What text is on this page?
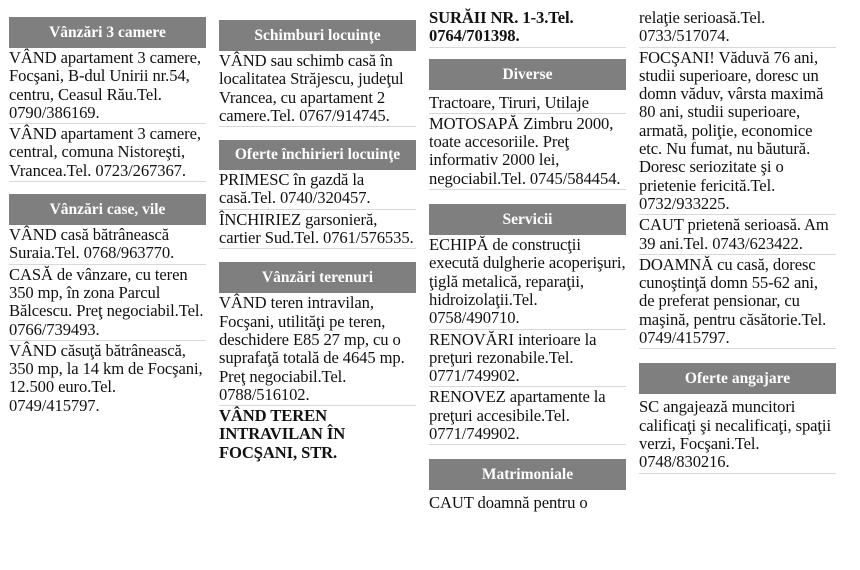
Vânzări 3 camere
VÂND apartament 3 camere, Focşani, B-dul Unirii nr.54, centru, Ceasul Rău.Tel. 0790/386169.
VÂND apartament 3 camere, central, comuna Nistoreşti, Vrancea.Tel. 0723/267367.
Vânzări case, vile
VÂND casă bătrânească Suraia.Tel. 0768/963770.
CASĂ de vânzare, cu teren 350 mp, în zona Parcul Bălcescu. Preţ negociabil.Tel. 0766/739493.
VÂND căsuţă bătrânească, 350 mp, la 14 km de Focşani, 12.500 euro.Tel. 0749/415797.
Schimburi locuinţe
VÂND sau schimb casă în localitatea Străjescu, judeţul Vrancea, cu apartament 2 camere.Tel. 0767/914745.
Oferte închirieri locuinţe
PRIMESC în gazdă la casă.Tel. 0740/320457.
ÎNCHIRIEZ garsonieră, cartier Sud.Tel. 0761/576535.
Vânzări terenuri
VÂND teren intravilan, Focşani, utilităţi pe teren, deschidere E85 27 mp, cu o suprafaţă totală de 4645 mp. Preţ negociabil.Tel. 0788/516102.
VÂND TEREN INTRAVILAN ÎN FOCŞANI, STR.
SURĂII NR. 1-3.Tel. 0764/701398.
Diverse
Tractoare, Tiruri, Utilaje
MOTOSAPĂ Zimbru 2000, toate accesoriile. Preţ informativ 2000 lei, negociabil.Tel. 0745/584454.
Servicii
ECHIPĂ de construcţii execută dulgherie acoperişuri, ţiglă metalică, reparaţii, hidroizolaţii.Tel. 0758/490710.
RENOVĂRI interioare la preţuri rezonabile.Tel. 0771/749902.
RENOVEZ apartamente la preţuri accesibile.Tel. 0771/749902.
Matrimoniale
CAUT doamnă pentru o
relaţie serioasă.Tel. 0733/517074.
FOCŞANI! Văduvă 76 ani, studii superioare, doresc un domn văduv, vârsta maximă 80 ani, studii superioare, armată, poliţie, economice etc. Nu fumat, nu băutură. Doresc seriozitate şi o prietenie fericită.Tel. 0732/933225.
CAUT prietenă serioasă. Am 39 ani.Tel. 0743/623422.
DOAMNĂ cu casă, doresc cunoştinţă domn 55-62 ani, de preferat pensionar, cu maşină, pentru căsătorie.Tel. 0749/415797.
Oferte angajare
SC angajează muncitori calificaţi şi necalificaţi, spaţii verzi, Focşani.Tel. 0748/830216.
